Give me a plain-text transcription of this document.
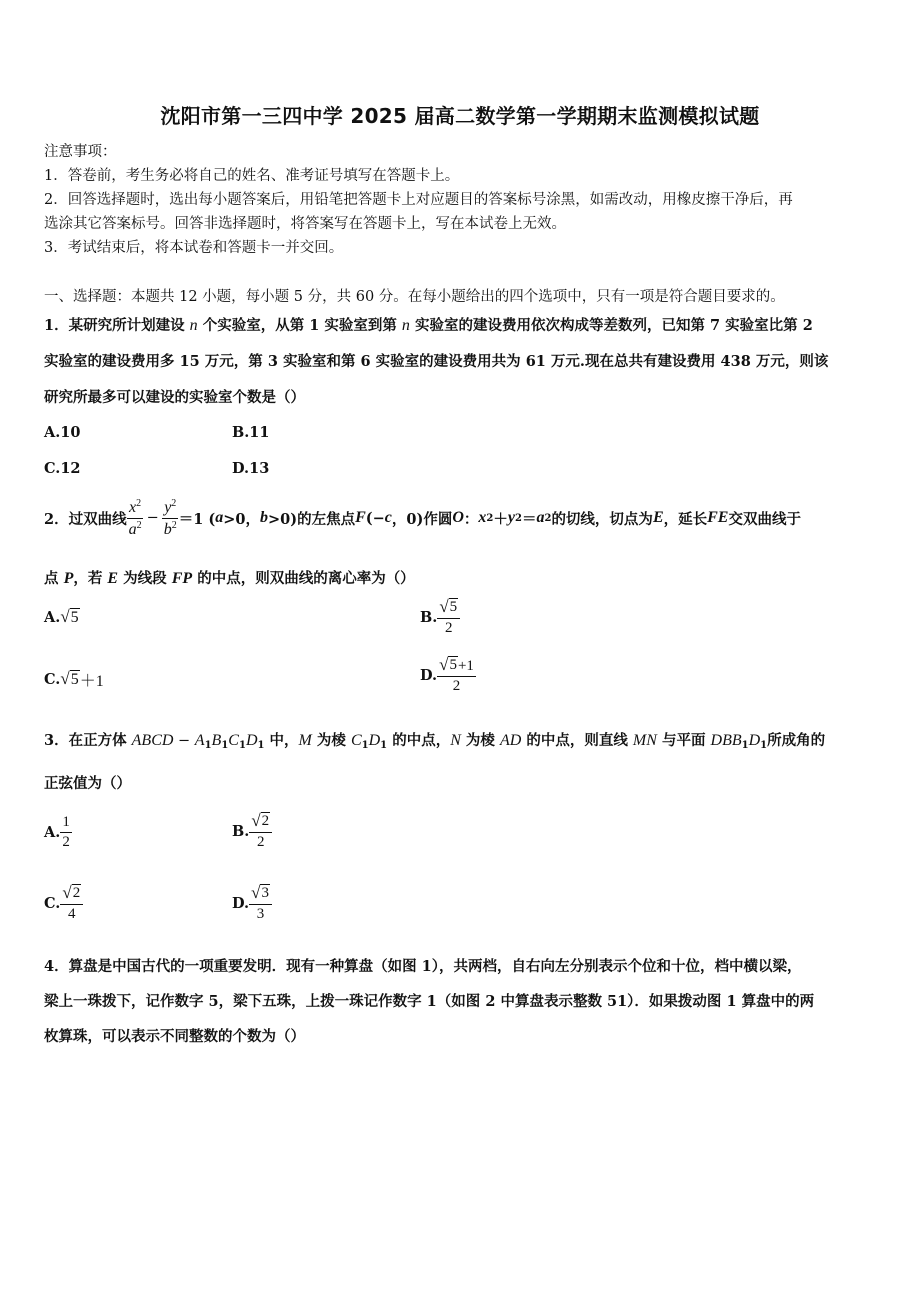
沈阳市第一三四中学 2025 届高二数学第一学期期末监测模拟试题
注意事项：
1．答卷前，考生务必将自己的姓名、准考证号填写在答题卡上。
2．回答选择题时，选出每小题答案后，用铅笔把答题卡上对应题目的答案标号涂黑，如需改动，用橡皮擦干净后，再
选涂其它答案标号。回答非选择题时，将答案写在答题卡上，写在本试卷上无效。
3．考试结束后，将本试卷和答题卡一并交回。
一、选择题：本题共 12 小题，每小题 5 分，共 60 分。在每小题给出的四个选项中，只有一项是符合题目要求的。
1．某研究所计划建设 n 个实验室，从第 1 实验室到第 n 实验室的建设费用依次构成等差数列，已知第 7 实验室比第 2
实验室的建设费用多 15 万元，第 3 实验室和第 6 实验室的建设费用共为 61 万元.现在总共有建设费用 438 万元，则该
研究所最多可以建设的实验室个数是（）
A.10	B.11
C.12	D.13
2．过双曲线 $\frac{x^2}{a^2} - \frac{y^2}{b^2} =1$ ( a >0， b >0)的左焦点 F (− c ，0)作圆 O ： x 2 ＋ y 2 ＝ a 2 的切线，切点为 E ，延长 FE 交双曲线于
点 P，若 E 为线段 FP 的中点，则双曲线的离心率为（）
A. √ 5	B. $\frac{√ 5}{2}$
C. √ 5 ＋1	D. $\frac{√ 5 +1}{2}$
3．在正方体 ABCD − $A_1B_1C_1D_1$ 中，M 为棱 $C_1D_1$ 的中点，N 为棱 AD 的中点，则直线 MN 与平面 $DBB_1D_1$所成角的
正弦值为（）
A. $\frac{1}{2}$	B. $\frac{√ 2}{2}$
C. $\frac{√ 2}{4}$	D. $\frac{√ 3}{3}$
4．算盘是中国古代的一项重要发明．现有一种算盘（如图 1），共两档，自右向左分别表示个位和十位，档中横以梁，
梁上一珠拨下，记作数字 5，梁下五珠，上拨一珠记作数字 1（如图 2 中算盘表示整数 51）．如果拨动图 1 算盘中的两
枚算珠，可以表示不同整数的个数为（）
